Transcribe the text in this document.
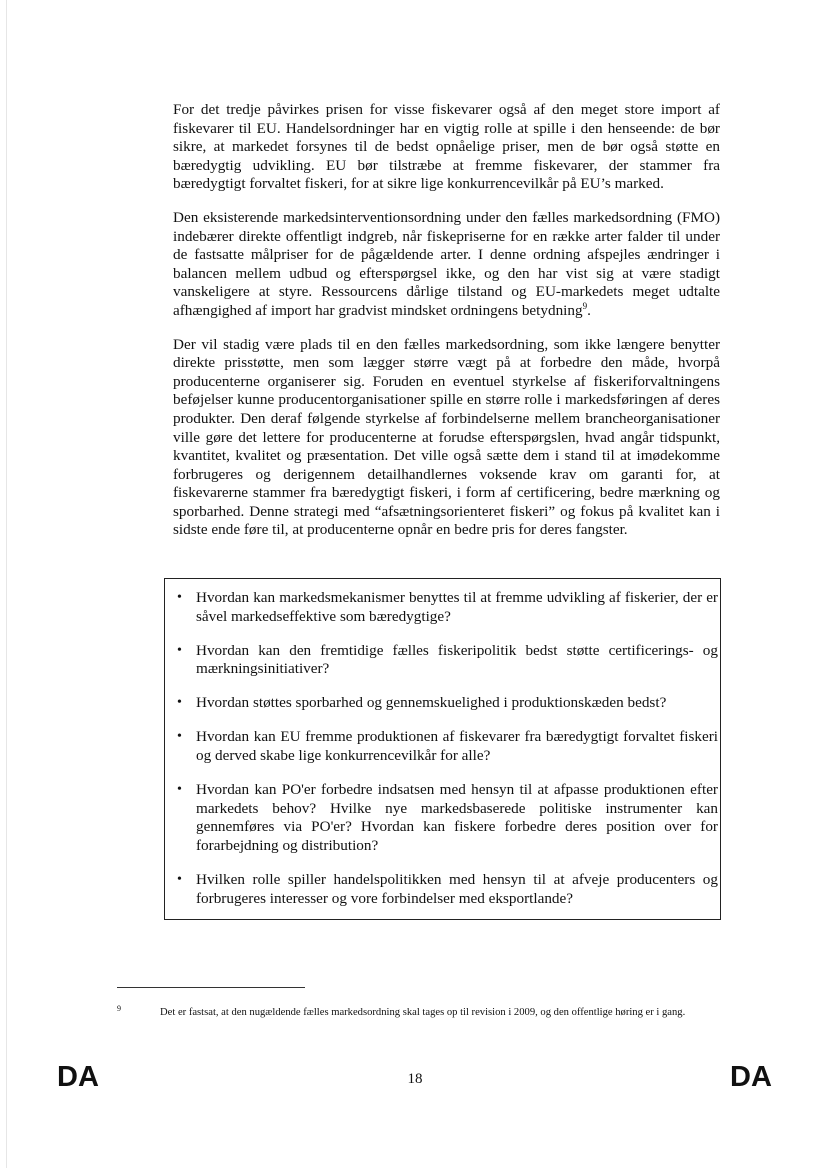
For det tredje påvirkes prisen for visse fiskevarer også af den meget store import af fiskevarer til EU. Handelsordninger har en vigtig rolle at spille i den henseende: de bør sikre, at markedet forsynes til de bedst opnåelige priser, men de bør også støtte en bæredygtig udvikling. EU bør tilstræbe at fremme fiskevarer, der stammer fra bæredygtigt forvaltet fiskeri, for at sikre lige konkurrencevilkår på EU’s marked.

Den eksisterende markedsinterventionsordning under den fælles markedsordning (FMO) indebærer direkte offentligt indgreb, når fiskepriserne for en række arter falder til under de fastsatte målpriser for de pågældende arter. I denne ordning afspejles ændringer i balancen mellem udbud og efterspørgsel ikke, og den har vist sig at være stadigt vanskeligere at styre. Ressourcens dårlige tilstand og EU-markedets meget udtalte afhængighed af import har gradvist mindsket ordningens betydning$^9$.

Der vil stadig være plads til en den fælles markedsordning, som ikke længere benytter direkte prisstøtte, men som lægger større vægt på at forbedre den måde, hvorpå producenterne organiserer sig. Foruden en eventuel styrkelse af fiskeriforvaltningens beføjelser kunne producentorganisationer spille en større rolle i markedsføringen af deres produkter. Den deraf følgende styrkelse af forbindelserne mellem brancheorganisationer ville gøre det lettere for producenterne at forudse efterspørgslen, hvad angår tidspunkt, kvantitet, kvalitet og præsentation. Det ville også sætte dem i stand til at imødekomme forbrugeres og derigennem detailhandlernes voksende krav om garanti for, at fiskevarerne stammer fra bæredygtigt fiskeri, i form af certificering, bedre mærkning og sporbarhed. Denne strategi med “afsætningsorienteret fiskeri” og fokus på kvalitet kan i sidste ende føre til, at producenterne opnår en bedre pris for deres fangster.

• Hvordan kan markedsmekanismer benyttes til at fremme udvikling af fiskerier, der er såvel markedseffektive som bæredygtige?
• Hvordan kan den fremtidige fælles fiskeripolitik bedst støtte certificerings- og mærkningsinitiativer?
• Hvordan støttes sporbarhed og gennemskuelighed i produktionskæden bedst?
• Hvordan kan EU fremme produktionen af fiskevarer fra bæredygtigt forvaltet fiskeri og derved skabe lige konkurrencevilkår for alle?
• Hvordan kan PO'er forbedre indsatsen med hensyn til at afpasse produktionen efter markedets behov? Hvilke nye markedsbaserede politiske instrumenter kan gennemføres via PO'er? Hvordan kan fiskere forbedre deres position over for forarbejdning og distribution?
• Hvilken rolle spiller handelspolitikken med hensyn til at afveje producenters og forbrugeres interesser og vore forbindelser med eksportlande?
9	Det er fastsat, at den nugældende fælles markedsordning skal tages op til revision i 2009, og den offentlige høring er i gang.
DA	18	DA
